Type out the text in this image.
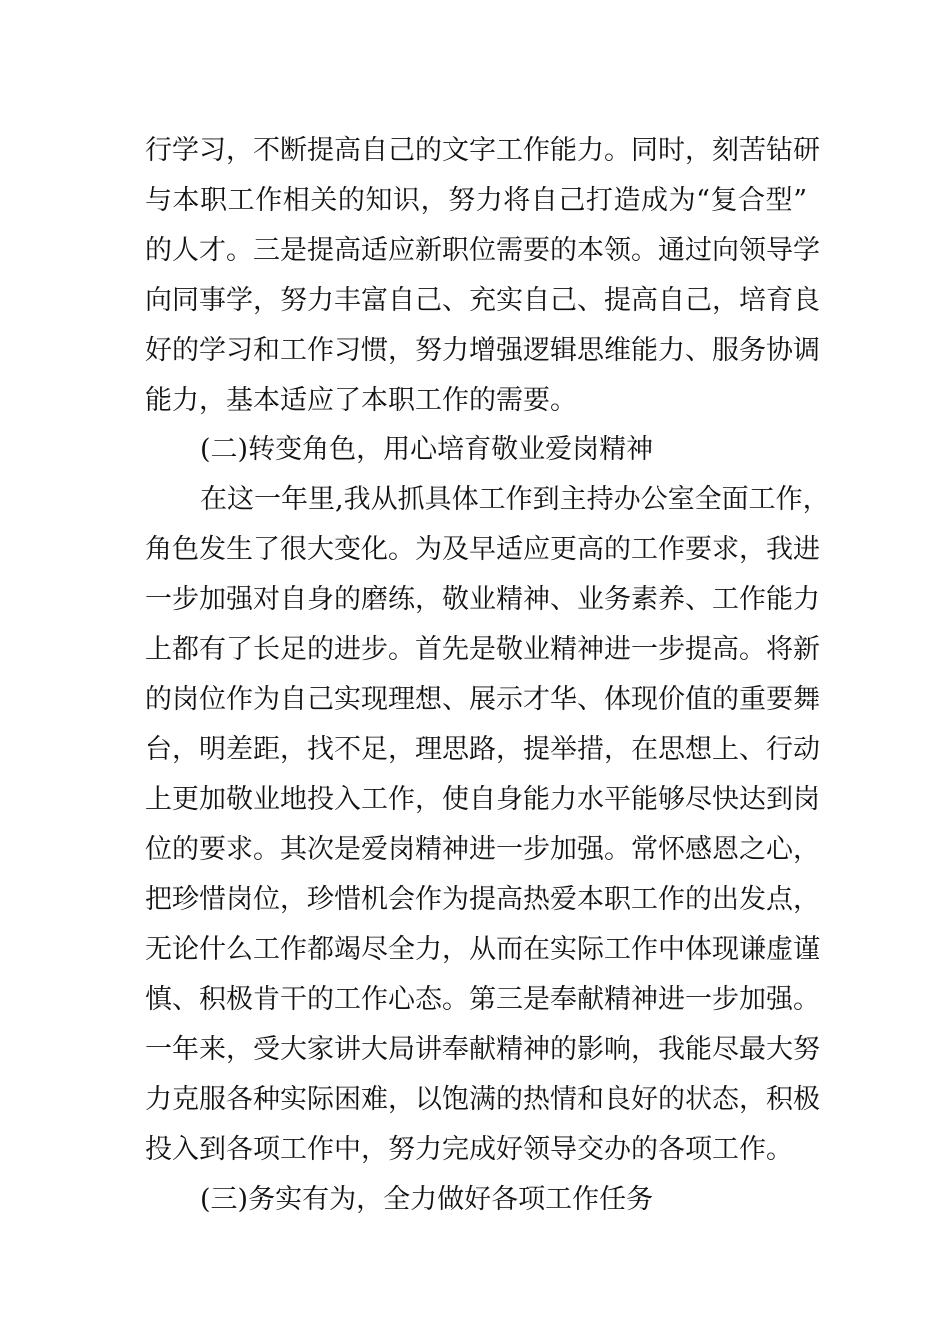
行学习，不断提高自己的文字工作能力。同时，刻苦钻研
与本职工作相关的知识，努力将自己打造成为“复合型”
的人才。三是提高适应新职位需要的本领。通过向领导学
向同事学，努力丰富自己、充实自己、提高自己，培育良
好的学习和工作习惯，努力增强逻辑思维能力、服务协调
能力，基本适应了本职工作的需要。
(二)转变角色，用心培育敬业爱岗精神
在这一年里,我从抓具体工作到主持办公室全面工作，
角色发生了很大变化。为及早适应更高的工作要求，我进
一步加强对自身的磨练，敬业精神、业务素养、工作能力
上都有了长足的进步。首先是敬业精神进一步提高。将新
的岗位作为自己实现理想、展示才华、体现价值的重要舞
台，明差距，找不足，理思路，提举措，在思想上、行动
上更加敬业地投入工作，使自身能力水平能够尽快达到岗
位的要求。其次是爱岗精神进一步加强。常怀感恩之心，
把珍惜岗位，珍惜机会作为提高热爱本职工作的出发点，
无论什么工作都竭尽全力，从而在实际工作中体现谦虚谨
慎、积极肯干的工作心态。第三是奉献精神进一步加强。
一年来，受大家讲大局讲奉献精神的影响，我能尽最大努
力克服各种实际困难，以饱满的热情和良好的状态，积极
投入到各项工作中，努力完成好领导交办的各项工作。
(三)务实有为，全力做好各项工作任务
